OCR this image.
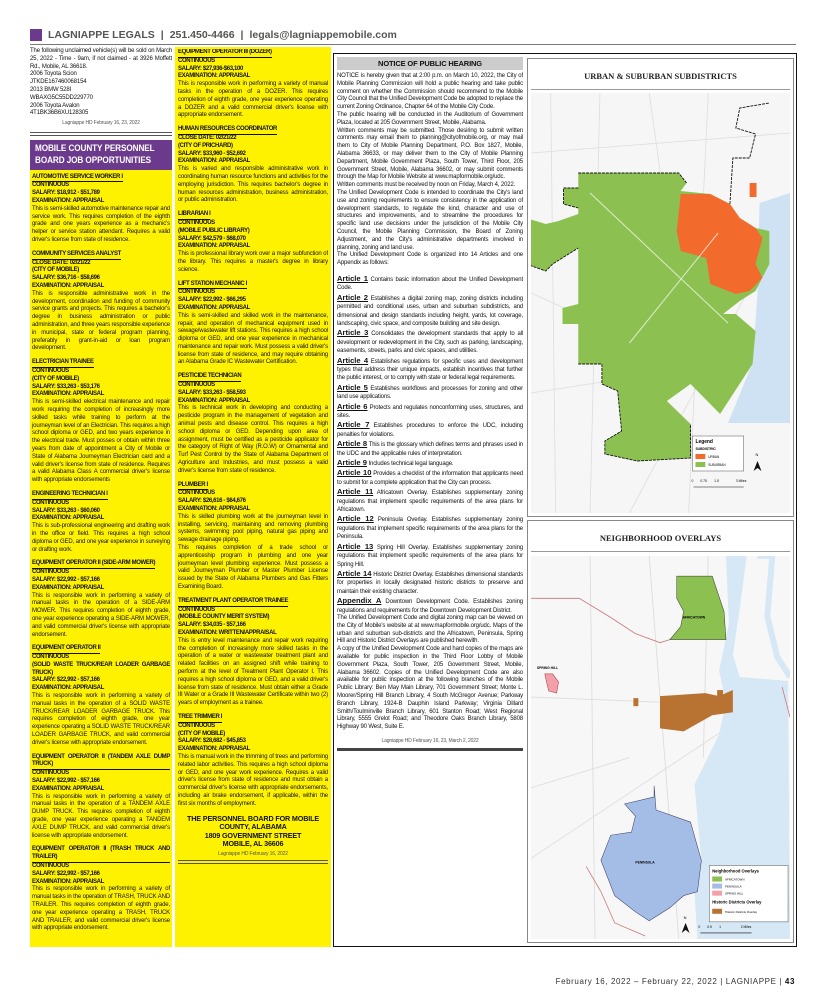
LAGNIAPPE LEGALS | 251.450-4466 | legals@lagniappemobile.com

The following unclaimed vehicle(s) will be sold on March 25, 2022 - Time - 9am, if not claimed - at 3926 Moffett Rd., Mobile, AL 36618.

2006 Toyota Scion
JTKDE167460068154
2013 BMW 528I
WBAXG5C55DD229770
2006 Toyota Avalon
4T1BK36B6XU128305

Lagniappe HD February 16, 23, 2022

MOBILE COUNTY PERSONNEL
BOARD JOB OPPORTUNITIES
AUTOMOTIVE SERVICE WORKER I
CONTINUOUS
SALARY: $18,912 - $51,789
EXAMINATION: APPRAISAL

This is semi-skilled automotive maintenance repair and service work. This requires completion of the eighth grade and one years experience as a mechanic's helper or service station attendant. Requires a valid driver's license from state of residence.

COMMUNITY SERVICES ANALYST
CLOSE DATE: 02/21/22
(CITY OF MOBILE)
SALARY: $36,716 - $58,696
EXAMINATION: APPRAISAL

This is responsible administrative work in the development, coordination and funding of community service grants and projects. This requires a bachelor's degree in business administration or public administration, and three years responsible experience in municipal, state or federal program planning, preferably in grant-in-aid or loan program development.

ELECTRICIAN TRAINEE
CONTINUOUS
(CITY OF MOBILE)
SALARY: $33,263 - $53,176
EXAMINATION: APPRAISAL

This is semi-skilled electrical maintenance and repair work requiring the completion of increasingly more skilled tasks while training to perform at the journeyman level of an Electrician. This requires a high school diploma or GED, and two years experience in the electrical trade. Must posses or obtain within three years from date of appointment a City of Mobile or State of Alabama Journeyman Electrician card and a valid driver's license from state of residence. Requires a valid Alabama Class A commercial driver's license with appropriate endorsements

ENGINEERING TECHNICIAN I
CONTINUOUS
SALARY: $33,263 - $60,060
EXAMINATION: APPRAISAL

This is sub-professional engineering and drafting work in the office or field. This requires a high school diploma or GED, and one year experience in surveying or drafting work.

EQUIPMENT OPERATOR II (SIDE-ARM MOWER)
CONTINUOUS
SALARY: $22,992 - $57,166
EXAMINATION: APPRAISAL

This is responsible work in performing a variety of manual tasks in the operation of a SIDE-ARM MOWER. This requires completion of eighth grade, one year experience operating a SIDE-ARM MOWER, and valid commercial driver's license with appropriate endorsement.

EQUIPMENT OPERATOR II
CONTINUOUS
(SOLID WASTE TRUCK/REAR LOADER GARBAGE TRUCK)
SALARY: $22,992 - $57,166
EXAMINATION: APPRAISAL

This is responsible work in performing a variety of manual tasks in the operation of a SOLID WASTE TRUCK/REAR LOADER GARBAGE TRUCK. This requires completion of eighth grade, one year experience operating a SOLID WASTE TRUCK/REAR LOADER GARBAGE TRUCK, and valid commercial driver's license with appropriate endorsement.

EQUIPMENT OPERATOR II (TANDEM AXLE DUMP TRUCK)
CONTINUOUS
SALARY: $22,992 - $57,166
EXAMINATION: APPRAISAL

This is responsible work in performing a variety of manual tasks in the operation of a TANDEM AXLE DUMP TRUCK. This requires completion of eighth grade, one year experience operating a TANDEM AXLE DUMP TRUCK, and valid commercial driver's license with appropriate endorsement.

EQUIPMENT OPERATOR II (TRASH TRUCK AND TRAILER)
CONTINUOUS
SALARY: $22,992 - $57,166
EXAMINATION: APPRAISAL

This is responsible work in performing a variety of manual tasks in the operation of TRASH, TRUCK AND TRAILER. This requires completion of eighth grade, one year experience operating a TRASH, TRUCK AND TRAILER, and valid commercial driver's license with appropriate endorsement.

EQUIPMENT OPERATOR III (DOZER)
CONTINUOUS
SALARY: $27,936-$63,100
EXAMINATION: APPRAISAL

This is responsible work in performing a variety of manual tasks in the operation of a DOZER. This requires completion of eighth grade, one year experience operating a DOZER and a valid commercial driver's license with appropriate endorsement.

HUMAN RESOURCES COORDINATOR
CLOSE DATE: 02/21/22
(CITY OF PRICHARD)
SALARY: $33,960 - $52,692
EXAMINATION: APPRAISAL

This is varied and responsible administrative work in coordinating human resource functions and activities for the employing jurisdiction. This requires bachelor's degree in human resources administration, business administration, or public administration.

LIBRARIAN I
CONTINUOUS
(MOBILE PUBLIC LIBRARY)
SALARY: $42,579 - $68,070
EXAMINATION: APPRAISAL

This is professional library work over a major subfunction of the library. This requires a master's degree in library science.

LIFT STATION MECHANIC I
CONTINUOUS
SALARY: $22,992 - $66,295
EXAMINATION: APPRAISAL

This is semi-skilled and skilled work in the maintenance, repair, and operation of mechanical equipment used in sewage/wastewater lift stations. This requires a high school diploma or GED, and one year experience in mechanical maintenance and repair work. Must possess a valid driver's license from state of residence, and may require obtaining an Alabama Grade IC Wastewater Certification.

PESTICIDE TECHNICIAN
CONTINUOUS
SALARY: $33,263 - $58,593
EXAMINATION: APPRAISAL

This is technical work in developing and conducting a pesticide program in the management of vegetation and animal pests and disease control. This requires a high school diploma or GED. Depending upon area of assignment, must be certified as a pesticide applicator for the category of Right of Way (R.O.W) or Ornamental and Turf Pest Control by the State of Alabama Department of Agriculture and Industries, and must possess a valid driver's license from state of residence.

PLUMBER I
CONTINUOUS
SALARY: $26,616 - $64,676
EXAMINATION: APPRAISAL

This is skilled plumbing work at the journeyman level in installing, servicing, maintaining and removing plumbing systems, swimming pool piping, natural gas piping and sewage drainage piping.

This requires completion of a trade school or apprenticeship program in plumbing and one year journeyman level plumbing experience. Must possess a valid Journeyman Plumber or Master Plumber License issued by the State of Alabama Plumbers and Gas Fitters Examining Board.

TREATMENT PLANT OPERATOR TRAINEE
CONTINUOUS
(MOBILE COUNTY MERIT SYSTEM)
SALARY: $34,035 - $57,166
EXAMINATION: WRITTEN/APPRAISAL

This is entry level maintenance and repair work requiring the completion of increasingly more skilled tasks in the operation of a water or wastewater treatment plant and related facilities on an assigned shift while training to perform at the level of Treatment Plant Operator I. This requires a high school diploma or GED, and a valid driver's license from state of residence. Must obtain either a Grade III Water or a Grade III Wastewater Certificate within two (2) years of employment as a trainee.

TREE TRIMMER I
CONTINUOUS
(CITY OF MOBILE)
SALARY: $28,682 - $45,853
EXAMINATION: APPRAISAL

This is manual work in the trimming of trees and performing related labor activities. This requires a high school diploma or GED, and one year work experience. Requires a valid driver's license from state of residence and must obtain a commercial driver's license with appropriate endorsements, including air brake endorsement, if applicable, within the first six months of employment.

THE PERSONNEL BOARD FOR MOBILE
COUNTY, ALABAMA
1809 GOVERNMENT STREET
MOBILE, AL 36606

Lagniappe HD February 16, 2022

NOTICE OF PUBLIC HEARING

NOTICE is hereby given that at 2:00 p.m. on March 10, 2022, the City of Mobile Planning Commission will hold a public hearing and take public comment on whether the Commission should recommend to the Mobile City Council that the Unified Development Code be adopted to replace the current Zoning Ordinance, Chapter 64 of the Mobile City Code.

The public hearing will be conducted in the Auditorium of Government Plaza, located at 205 Government Street, Mobile, Alabama.

Written comments may be submitted. Those desiring to submit written comments may email them to planning@cityofmobile.org, or may mail them to City of Mobile Planning Department, P.O. Box 1827, Mobile, Alabama 36633, or may deliver them to the City of Mobile Planning Department, Mobile Government Plaza, South Tower, Third Floor, 205 Government Street, Mobile, Alabama 36602, or may submit comments through the Map for Mobile Website at www.mapformobile.org/udc.

Written comments must be received by noon on Friday, March 4, 2022.

The Unified Development Code is intended to coordinate the City's land use and zoning requirements to ensure consistency in the application of development standards, to regulate the kind, character and use of structures and improvements, and to streamline the procedures for specific land use decisions under the jurisdiction of the Mobile City Council, the Mobile Planning Commission, the Board of Zoning Adjustment, and the City's administrative departments involved in planning, zoning and land use.

The Unified Development Code is organized into 14 Articles and one Appendix as follows:

Article 1 Contains basic information about the Unified Development Code.

Article 2 Establishes a digital zoning map, zoning districts including permitted and conditional uses, urban and suburban subdistricts, and dimensional and design standards including height, yards, lot coverage, landscaping, civic space, and composite building and site design.

Article 3 Consolidates the development standards that apply to all development or redevelopment in the City, such as parking, landscaping, easements, streets, parks and civic spaces, and utilities.

Article 4 Establishes regulations for specific uses and development types that address their unique impacts, establish incentives that further the public interest, or to comply with state or federal legal requirements.

Article 5 Establishes workflows and processes for zoning and other land use applications.

Article 6 Protects and regulates nonconforming uses, structures, and sites.

Article 7 Establishes procedures to enforce the UDC, including penalties for violations.

Article 8 This is the glossary which defines terms and phrases used in the UDC and the applicable rules of interpretation.

Article 9 Includes technical legal language.

Article 10 Provides a checklist of the information that applicants need to submit for a complete application that the City can process.

Article 11 Africatown Overlay. Establishes supplementary zoning regulations that implement specific requirements of the area plans for Africatown.

Article 12 Peninsula Overlay. Establishes supplementary zoning regulations that implement specific requirements of the area plans for the Peninsula.

Article 13 Spring Hill Overlay. Establishes supplementary zoning regulations that implement specific requirements of the area plans for Spring Hill.

Article 14 Historic District Overlay. Establishes dimensional standards for properties in locally designated historic districts to preserve and maintain their existing character.

Appendix A Downtown Development Code. Establishes zoning regulations and requirements for the Downtown Development District.

The Unified Development Code and digital zoning map can be viewed on the City of Mobile's website at at www.mapformobile.org/udc. Maps of the urban and suburban sub-districts and the Africatown, Peninsula, Spring Hill and Historic District Overlays are published herewith.

A copy of the Unified Development Code and hard copies of the maps are available for public inspection in the Third Floor Lobby of Mobile Government Plaza, South Tower, 205 Government Street, Mobile, Alabama 36602. Copies of the Unified Development Code are also available for public inspection at the following branches of the Mobile Public Library: Ben May Main Library, 701 Government Street; Monte L. Moorer/Spring Hill Branch Library, 4 South McGregor Avenue; Parkway Branch Library, 1924-B Dauphin Island Parkway; Virginia Dillard Smith/Toulminville Branch Library, 601 Stanton Road; West Regional Library, 5555 Grelot Road; and Theodore Oaks Branch Library, 5808 Highway 90 West, Suite E.

Lagniappe HD February 16, 23, March 2, 2022

URBAN & SUBURBAN SUBDISTRICTS
Legend
SUBDISTRIC
URBAN
SUBURBAN
N
0 0.75 1.5	3 Miles
NEIGHBORHOOD OVERLAYS
AFRICATOWN
SPRING HILL
PENINSULA
Neighborhood Overlays
AFRICATOWN
PENINSULA
SPRING HILL
Historic Districts Overlay
Historic Districts Overlay
N
0 0.5 1	2 Miles
February 16, 2022 – February 22, 2022 | LAGNIAPPE | 43
